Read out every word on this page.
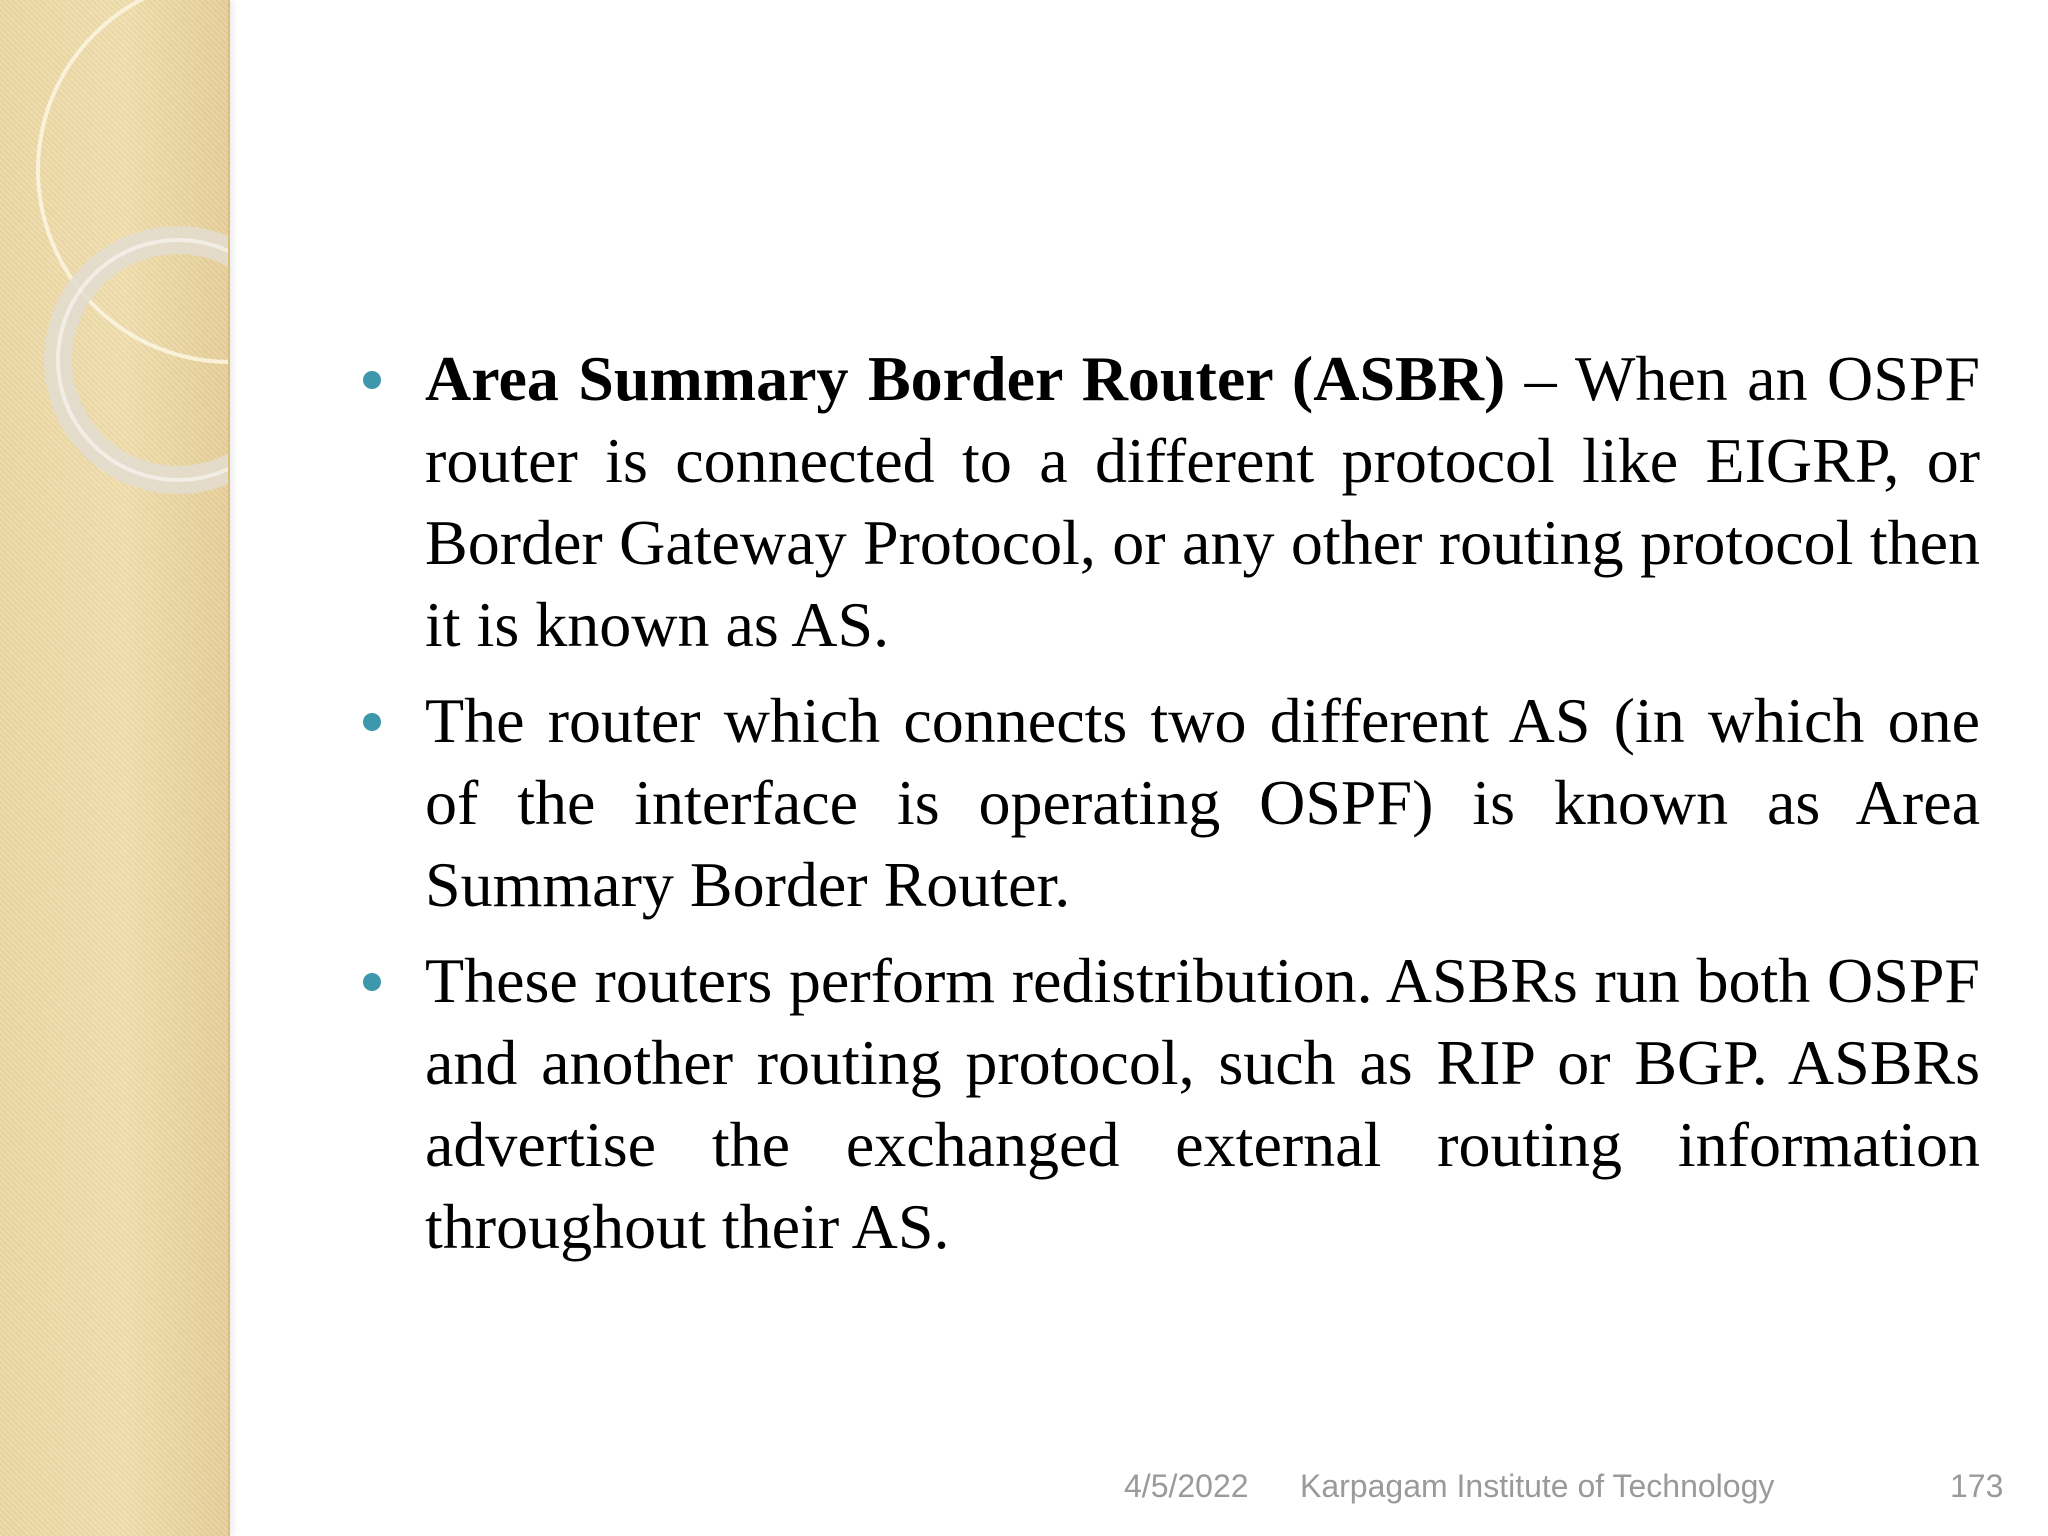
Area Summary Border Router (ASBR) – When an OSPF router is connected to a different protocol like EIGRP, or Border Gateway Protocol, or any other routing protocol then it is known as AS.
The router which connects two different AS (in which one of the interface is operating OSPF) is known as Area Summary Border Router.
These routers perform redistribution. ASBRs run both OSPF and another routing protocol, such as RIP or BGP. ASBRs advertise the exchanged external routing information throughout their AS.
4/5/2022 Karpagam Institute of Technology	173
